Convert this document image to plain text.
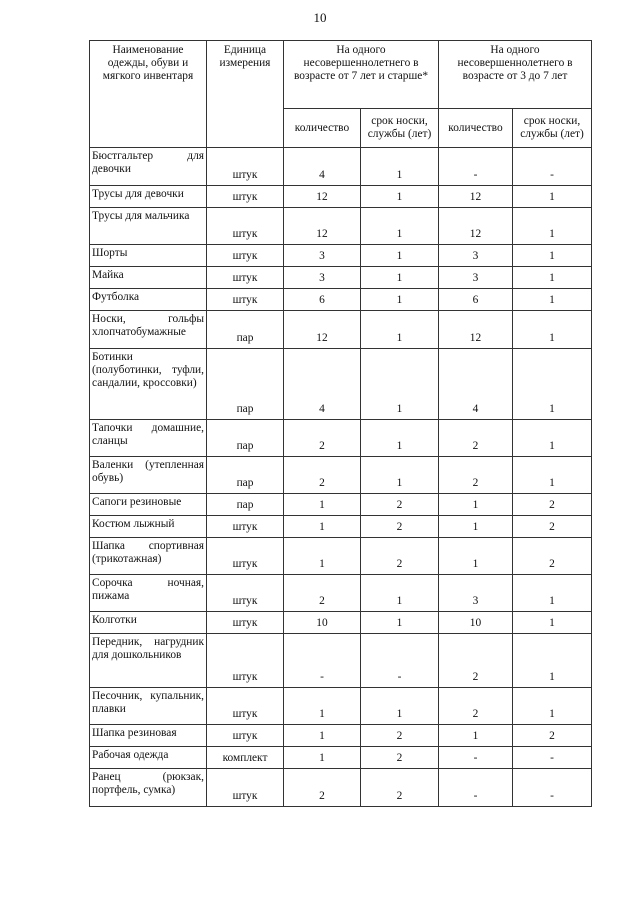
10
Наименование одежды, обуви и мягкого инвентаря	Единица измерения	На одного несовершеннолетнего в возрасте от 7 лет и старше*		На одного несовершеннолетнего в возрасте от 3 до 7 лет	
		количество	срок носки, службы (лет)	количество	срок носки, службы (лет)
Бюстгальтер для девочки	штук	4	1	-	-
Трусы для девочки	штук	12	1	12	1
Трусы для мальчика	штук	12	1	12	1
Шорты	штук	3	1	3	1
Майка	штук	3	1	3	1
Футболка	штук	6	1	6	1
Носки, гольфы хлопчатобумажные	пар	12	1	12	1
Ботинки (полуботинки, туфли, сандалии, кроссовки)	пар	4	1	4	1
Тапочки домашние, сланцы	пар	2	1	2	1
Валенки (утепленная обувь)	пар	2	1	2	1
Сапоги резиновые	пар	1	2	1	2
Костюм лыжный	штук	1	2	1	2
Шапка спортивная (трикотажная)	штук	1	2	1	2
Сорочка ночная, пижама	штук	2	1	3	1
Колготки	штук	10	1	10	1
Передник, нагрудник для дошкольников	штук	-	-	2	1
Песочник, купальник, плавки	штук	1	1	2	1
Шапка резиновая	штук	1	2	1	2
Рабочая одежда	комплект	1	2	-	-
Ранец (рюкзак, портфель, сумка)	штук	2	2	-	-
